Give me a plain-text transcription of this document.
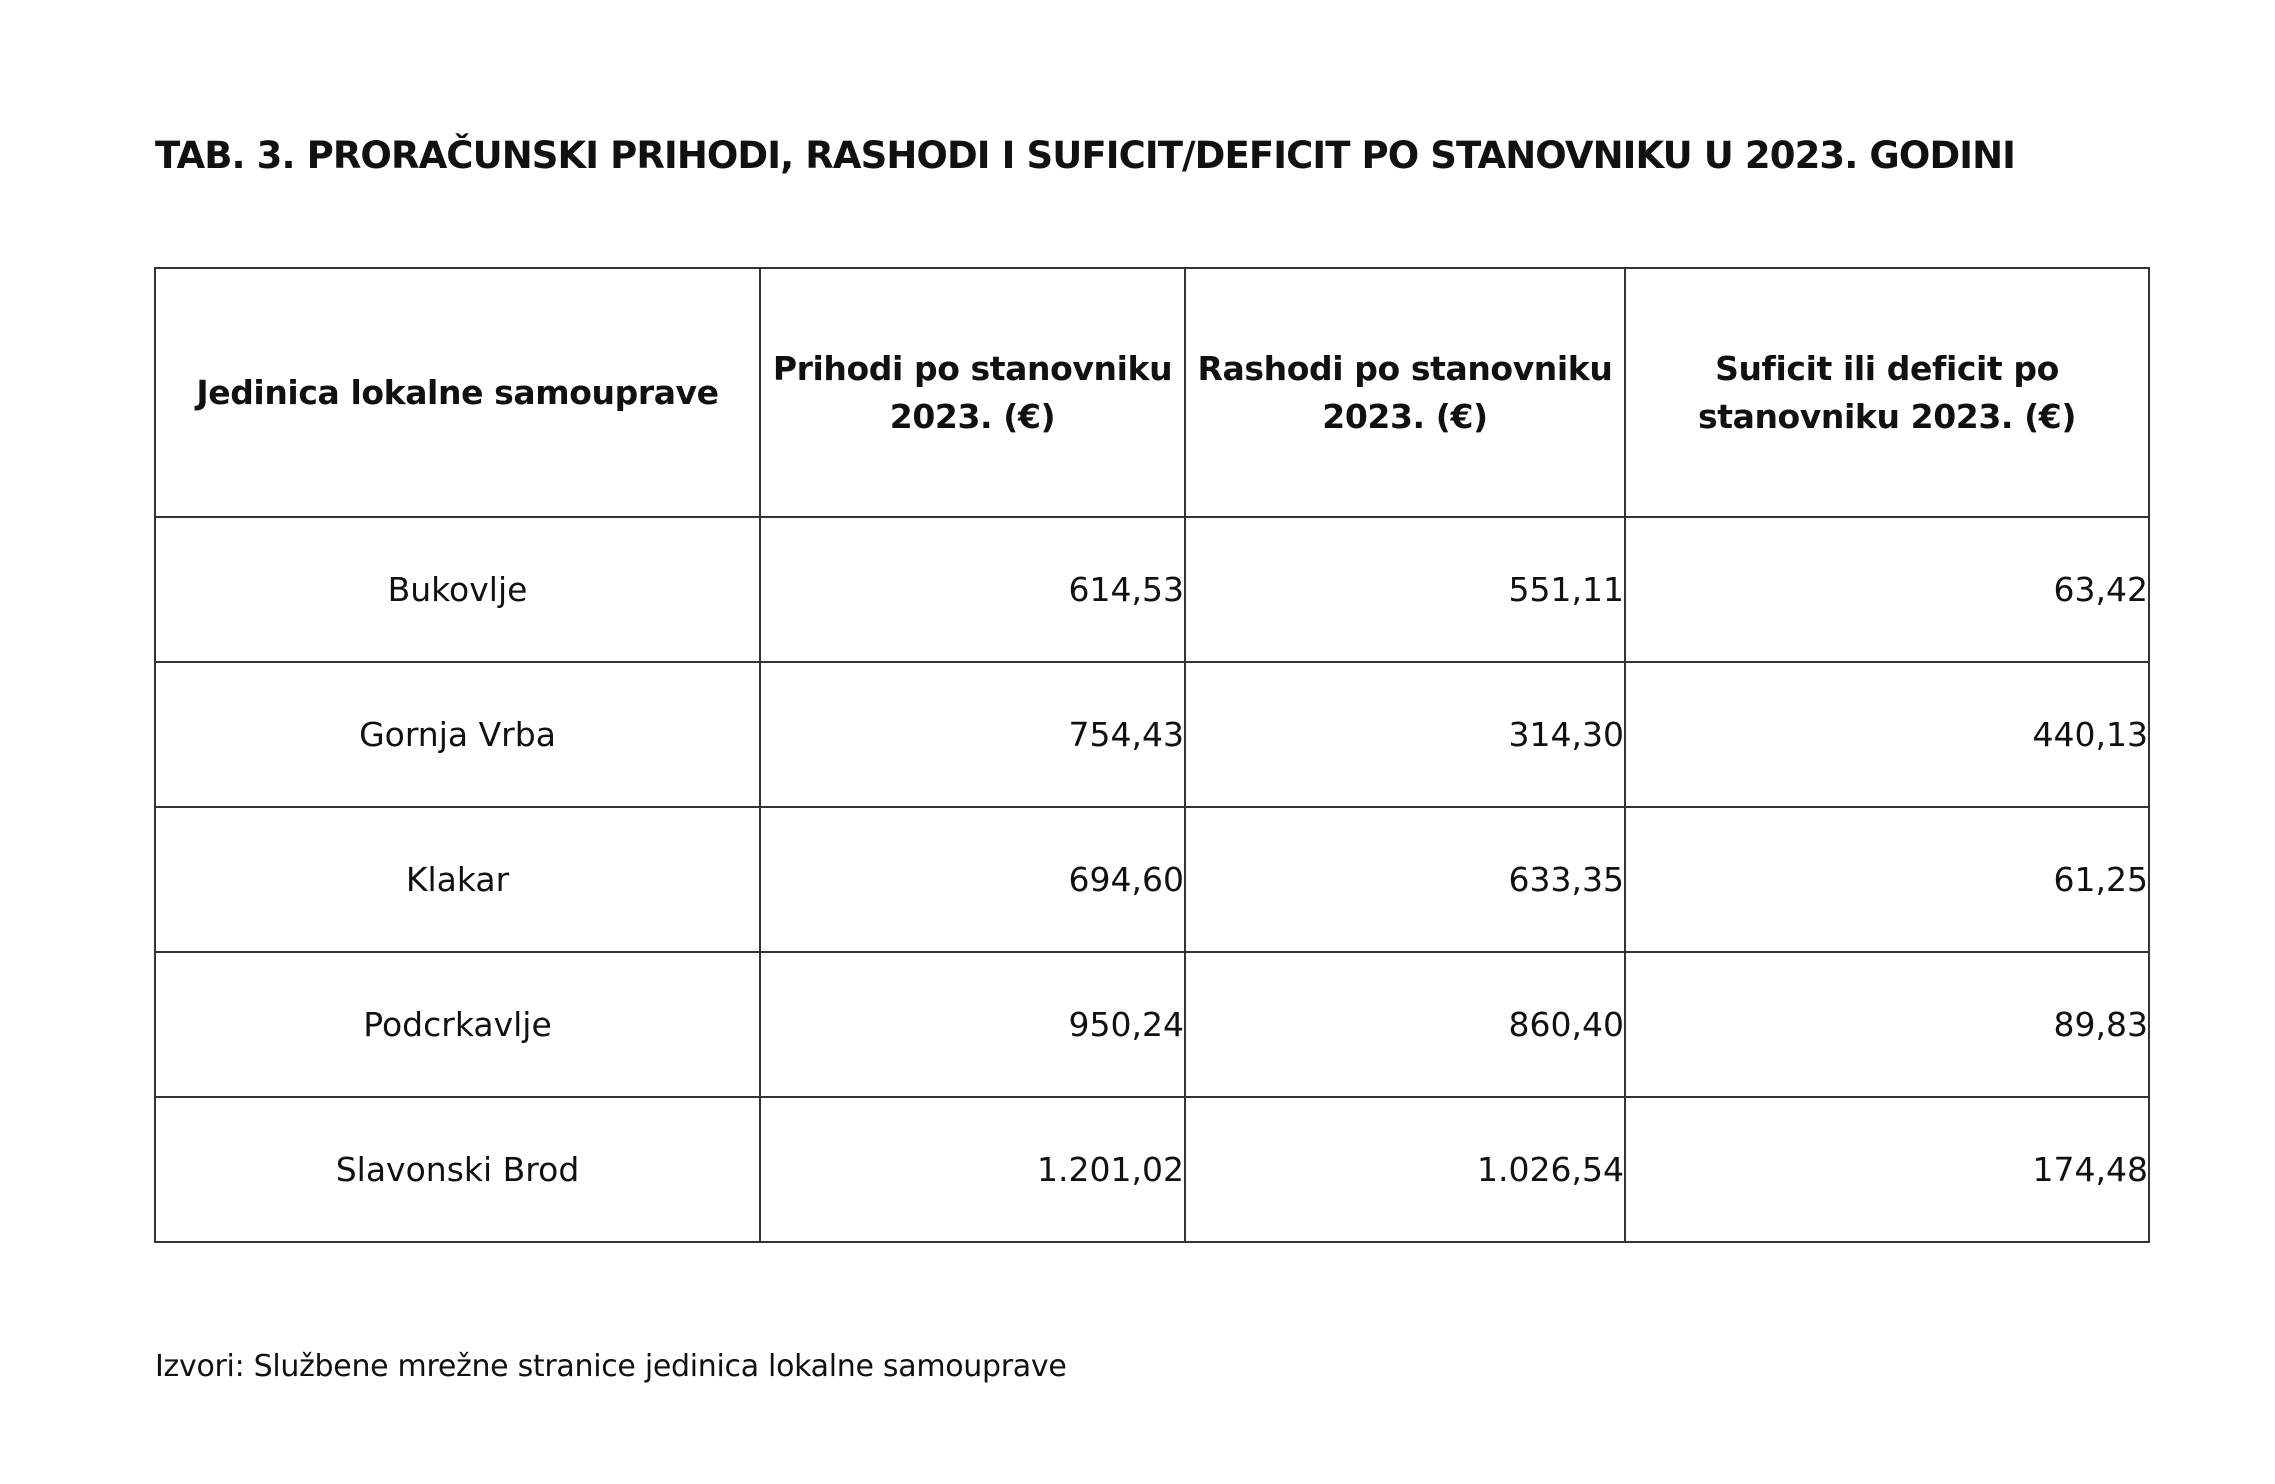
TAB. 3. PRORAČUNSKI PRIHODI, RASHODI I SUFICIT/DEFICIT PO STANOVNIKU U 2023. GODINI
Jedinica lokalne samouprave	Prihodi po stanovniku 2023. (€)	Rashodi po stanovniku 2023. (€)	Suficit ili deficit po stanovniku 2023. (€)
Bukovlje	614,53	551,11	63,42
Gornja Vrba	754,43	314,30	440,13
Klakar	694,60	633,35	61,25
Podcrkavlje	950,24	860,40	89,83
Slavonski Brod	1.201,02	1.026,54	174,48

Izvori: Službene mrežne stranice jedinica lokalne samouprave
